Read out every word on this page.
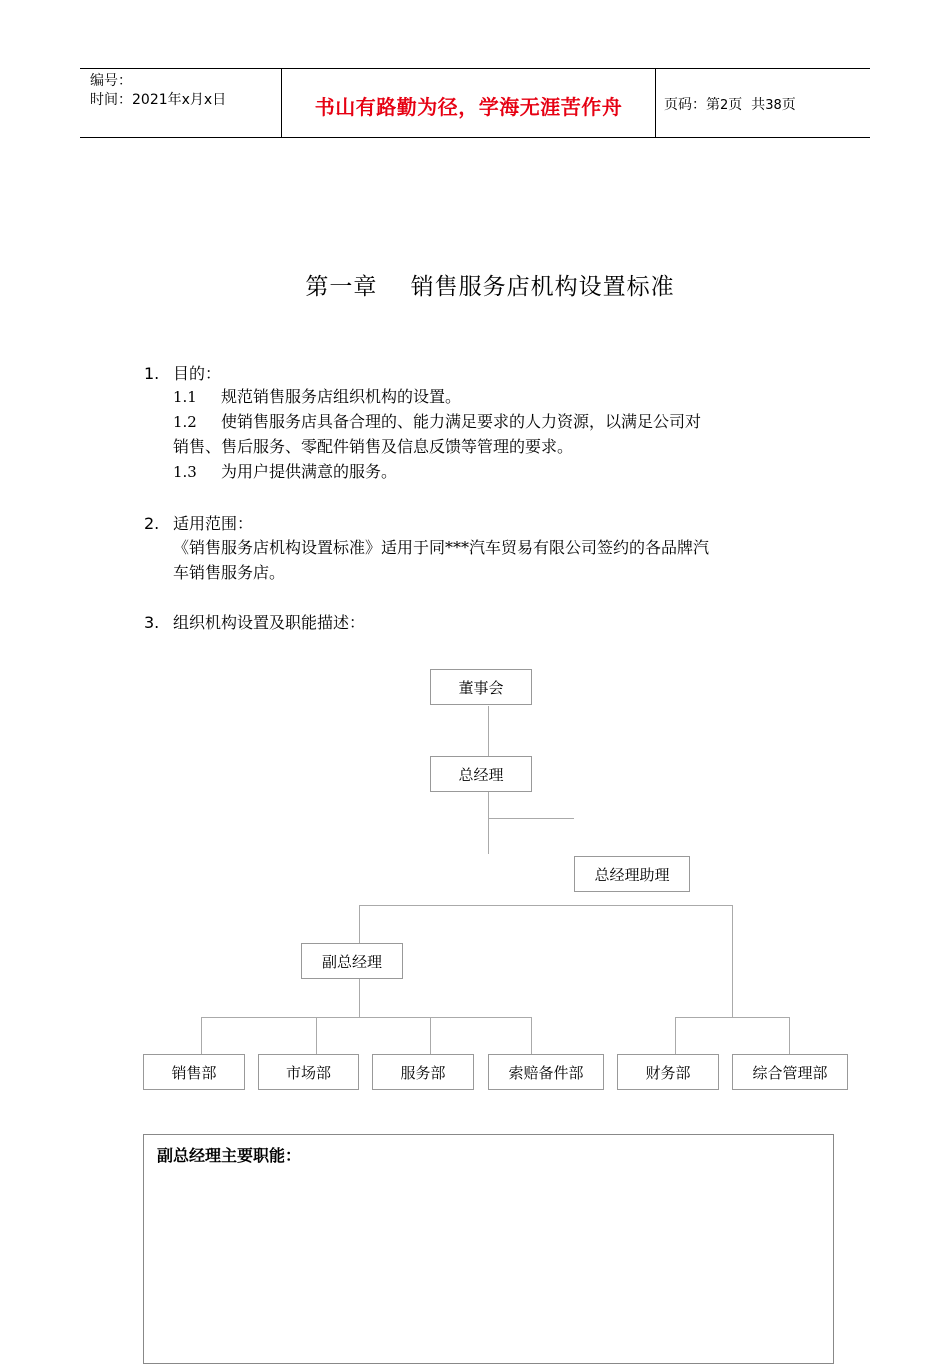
编号：
时间：2021年x月x日	书山有路勤为径，学海无涯苦作舟	页码：第2页  共38页
第一章    销售服务店机构设置标准
1. 目的：
1.1 规范销售服务店组织机构的设置。
1.2 使销售服务店具备合理的、能力满足要求的人力资源，以满足公司对
销售、售后服务、零配件销售及信息反馈等管理的要求。
1.3 为用户提供满意的服务。
2. 适用范围：
《销售服务店机构设置标准》适用于同***汽车贸易有限公司签约的各品牌汽
车销售服务店。
3. 组织机构设置及职能描述：
董事会
总经理
总经理助理
副总经理
销售部	市场部	服务部	索赔备件部	财务部	综合管理部
副总经理主要职能：
